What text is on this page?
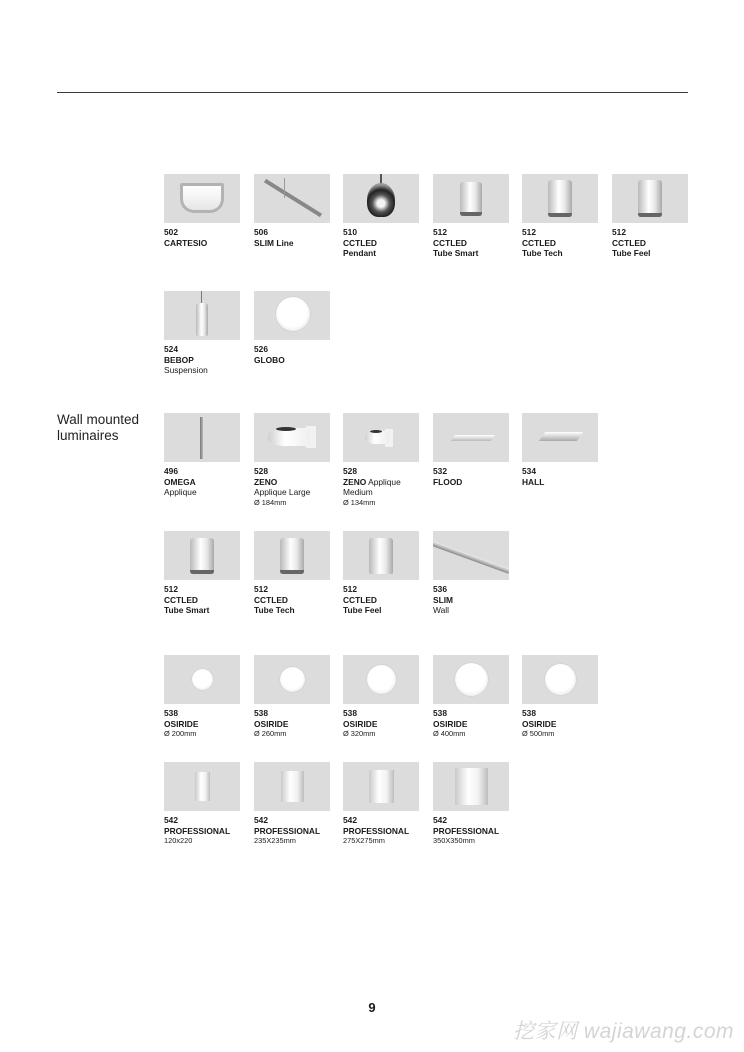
Wall mounted
luminaires
502
CARTESIO
506
SLIM Line
510
CCTLED
Pendant
512
CCTLED
Tube Smart
512
CCTLED
Tube Tech
512
CCTLED
Tube Feel
524
BEBOP
Suspension
526
GLOBO
496
OMEGA
Applique
528
ZENO
Applique Large
Ø 184mm
528
ZENO Applique
Medium
Ø 134mm
532
FLOOD
534
HALL
512
CCTLED
Tube Smart
512
CCTLED
Tube Tech
512
CCTLED
Tube Feel
536
SLIM
Wall
538
OSIRIDE
Ø 200mm
538
OSIRIDE
Ø 260mm
538
OSIRIDE
Ø 320mm
538
OSIRIDE
Ø 400mm
538
OSIRIDE
Ø 500mm
542
PROFESSIONAL
120x220
542
PROFESSIONAL
235X235mm
542
PROFESSIONAL
275X275mm
542
PROFESSIONAL
350X350mm
9
挖家网 wajiawang.com
